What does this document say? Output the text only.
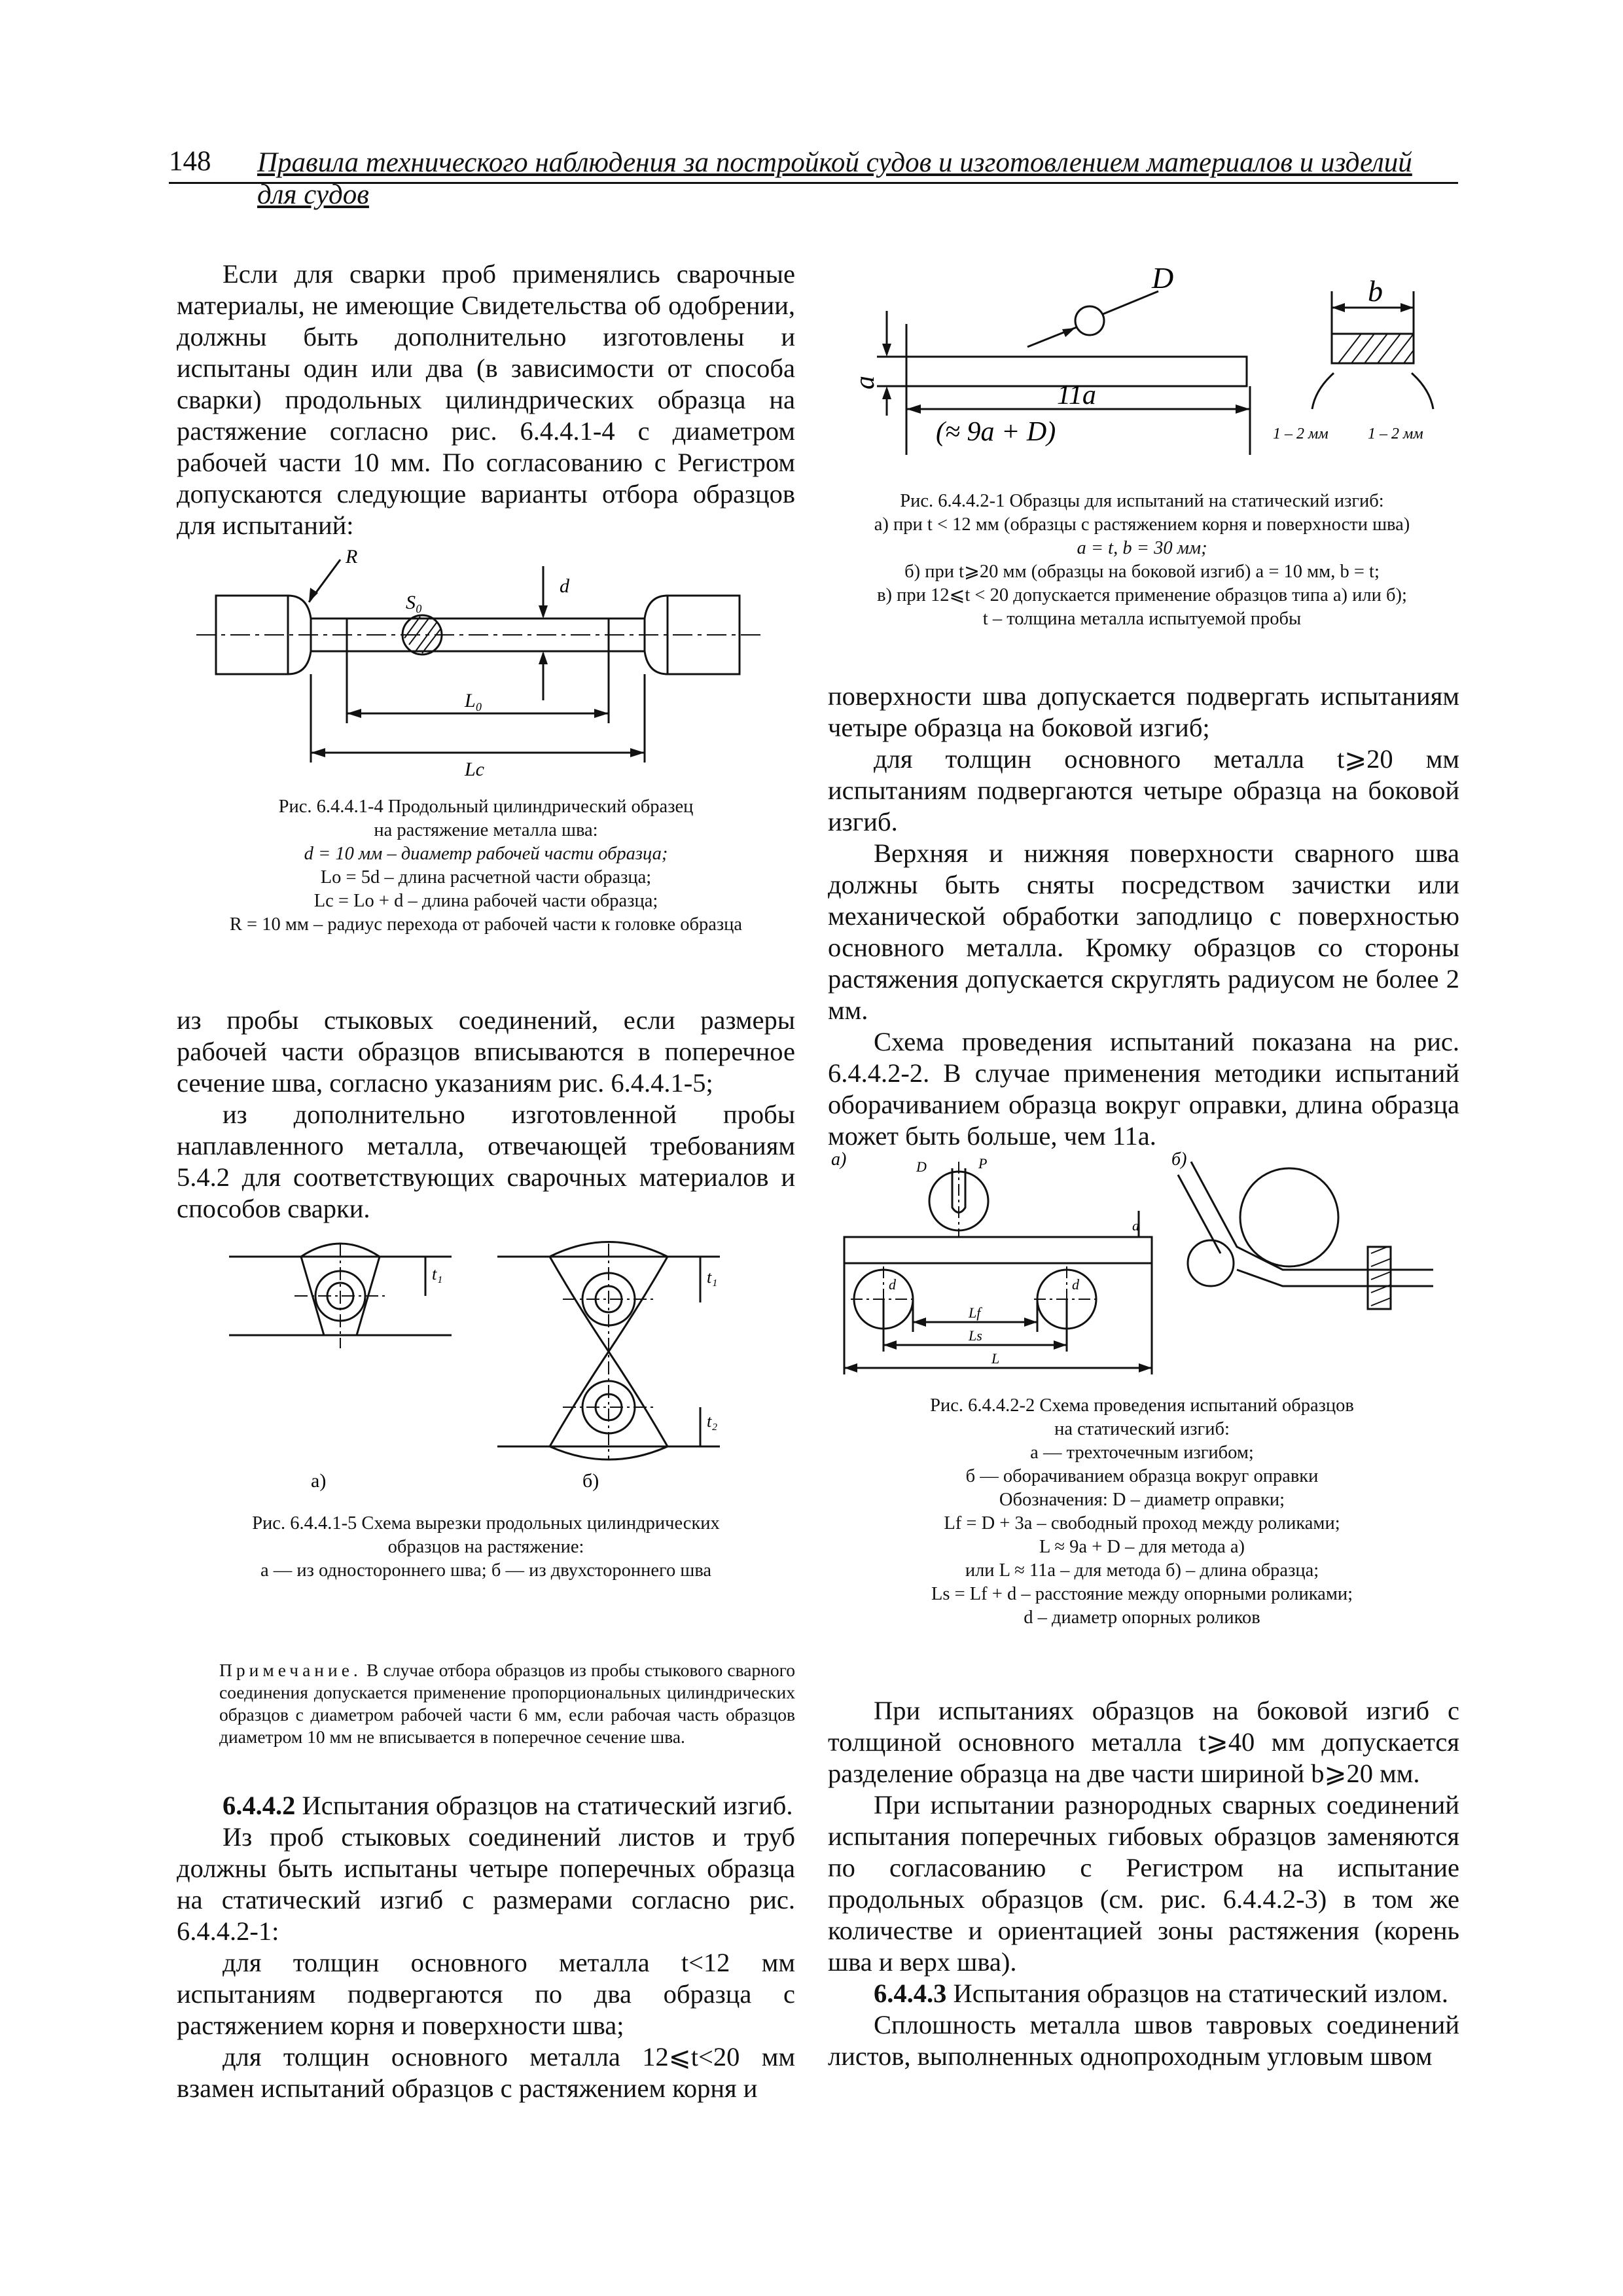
148 Правила технического наблюдения за постройкой судов и изготовлением материалов и изделий для судов

Если для сварки проб применялись сварочные материалы, не имеющие Свидетельства об одобрении, должны быть дополнительно изготовлены и испытаны один или два (в зависимости от способа сварки) продольных цилиндрических образца на растяжение согласно рис. 6.4.4.1-4 с диаметром рабочей части 10 мм. По согласованию с Регистром допускаются следующие варианты отбора образцов для испытаний:

R
S₀
d
L₀
Lc
Рис. 6.4.4.1-4 Продольный цилиндрический образец
на растяжение металла шва:
d = 10 мм – диаметр рабочей части образца;
Lo = 5d – длина расчетной части образца;
Lc = Lo + d – длина рабочей части образца;
R = 10 мм – радиус перехода от рабочей части к головке образца

из пробы стыковых соединений, если размеры рабочей части образцов вписываются в поперечное сечение шва, согласно указаниям рис. 6.4.4.1-5;

из дополнительно изготовленной пробы наплавленного металла, отвечающей требованиям 5.4.2 для соответствующих сварочных материалов и способов сварки.

а)	б)
t₁	t₁
t₂
Рис. 6.4.4.1-5 Схема вырезки продольных цилиндрических
образцов на растяжение:
а — из одностороннего шва; б — из двухстороннего шва
Примечание. В случае отбора образцов из пробы стыкового сварного соединения допускается применение пропорциональных цилиндрических образцов с диаметром рабочей части 6 мм, если рабочая часть образцов диаметром 10 мм не вписывается в поперечное сечение шва.

6.4.4.2 Испытания образцов на статический изгиб.

Из проб стыковых соединений листов и труб должны быть испытаны четыре поперечных образца на статический изгиб с размерами согласно рис. 6.4.4.2-1:

для толщин основного металла t<12 мм испытаниям подвергаются по два образца с растяжением корня и поверхности шва;

для толщин основного металла 12⩽t<20 мм взамен испытаний образцов с растяжением корня и

D
a	11a
(≈ 9a + D)
b
1 – 2 мм	1 – 2 мм
Рис. 6.4.4.2-1 Образцы для испытаний на статический изгиб:
а) при t < 12 мм (образцы с растяжением корня и поверхности шва)
a = t, b = 30 мм;
б) при t⩾20 мм (образцы на боковой изгиб) a = 10 мм, b = t;
в) при 12⩽t < 20 допускается применение образцов типа а) или б);
t – толщина металла испытуемой пробы

поверхности шва допускается подвергать испытаниям четыре образца на боковой изгиб;

для толщин основного металла t⩾20 мм испытаниям подвергаются четыре образца на боковой изгиб.

Верхняя и нижняя поверхности сварного шва должны быть сняты посредством зачистки или механической обработки заподлицо с поверхностью основного металла. Кромку образцов со стороны растяжения допускается скруглять радиусом не более 2 мм.

Схема проведения испытаний показана на рис. 6.4.4.2-2. В случае применения методики испытаний оборачиванием образца вокруг оправки, длина образца может быть больше, чем 11a.

а)	б)
D	P
a
Lf
Ls
L
d	d
Рис. 6.4.4.2-2 Схема проведения испытаний образцов
на статический изгиб:
а — трехточечным изгибом;
б — оборачиванием образца вокруг оправки
Обозначения: D – диаметр оправки;
Lf = D + 3a – свободный проход между роликами;
L ≈ 9a + D – для метода а)
или L ≈ 11a – для метода б) – длина образца;
Ls = Lf + d – расстояние между опорными роликами;
d – диаметр опорных роликов

При испытаниях образцов на боковой изгиб с толщиной основного металла t⩾40 мм допускается разделение образца на две части шириной b⩾20 мм.

При испытании разнородных сварных соединений испытания поперечных гибовых образцов заменяются по согласованию с Регистром на испытание продольных образцов (см. рис. 6.4.4.2-3) в том же количестве и ориентацией зоны растяжения (корень шва и верх шва).

6.4.4.3 Испытания образцов на статический излом.

Сплошность металла швов тавровых соединений листов, выполненных однопроходным угловым швом
